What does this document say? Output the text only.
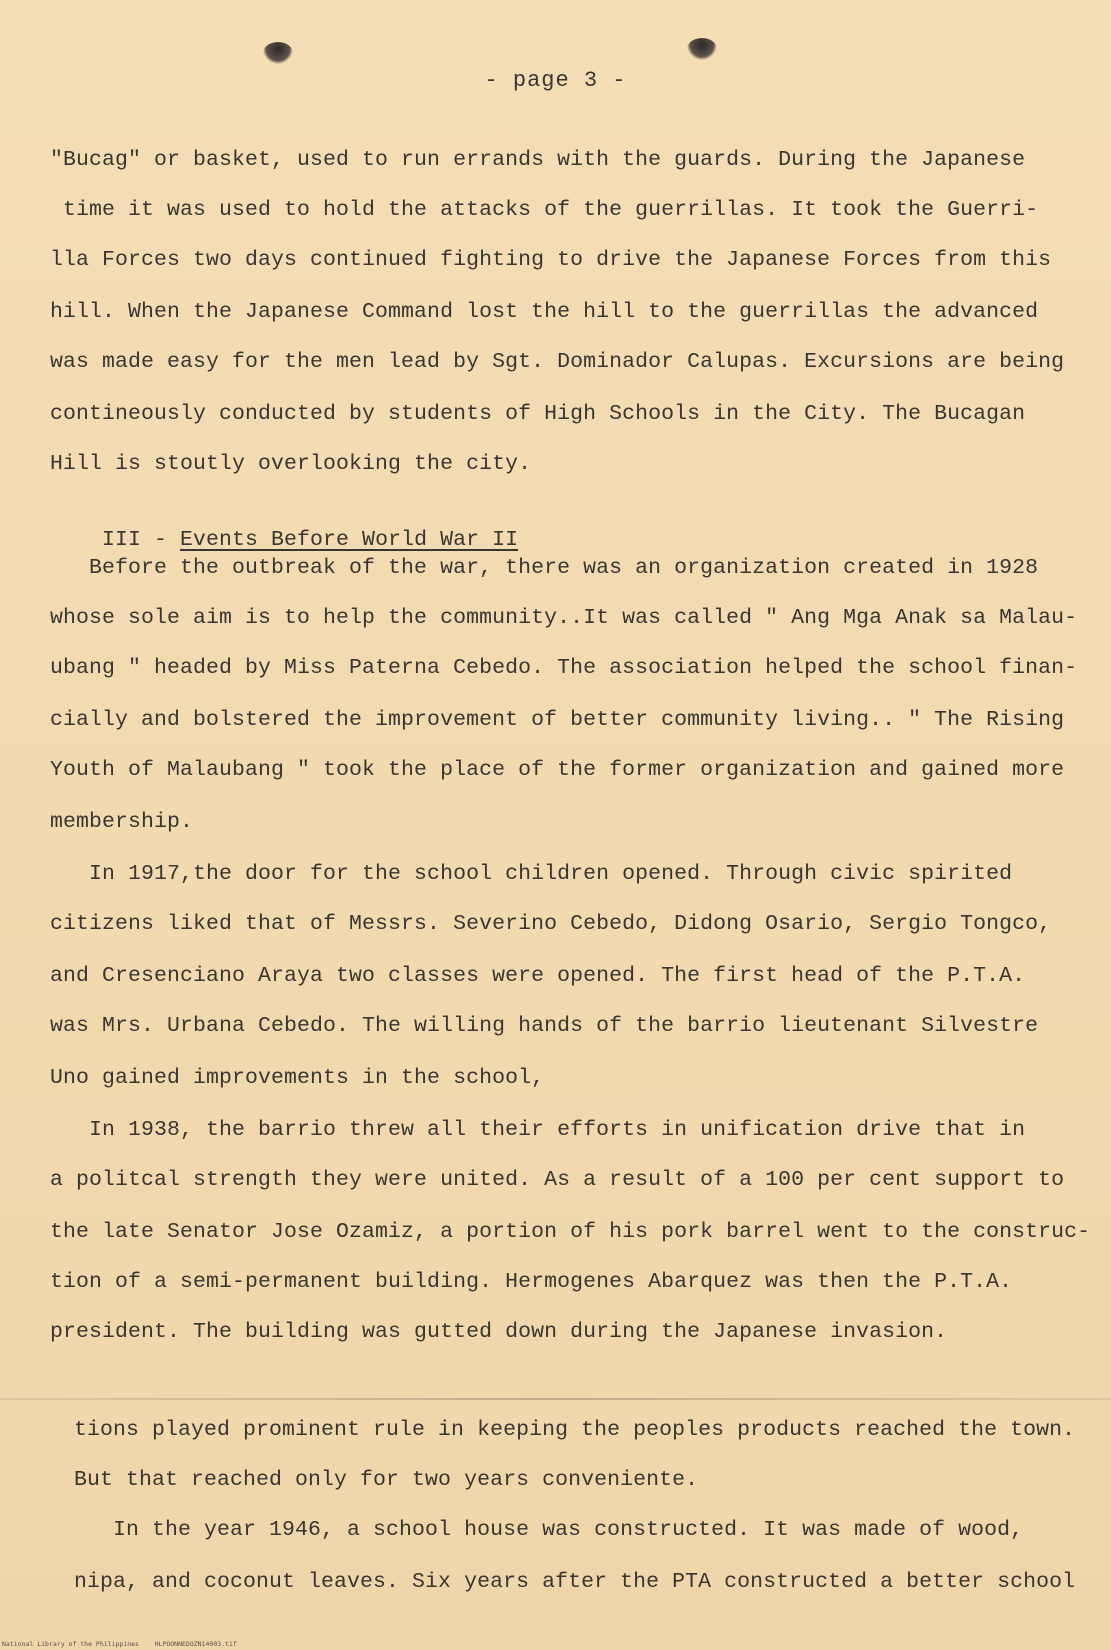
- page 3 -
"Bucag" or basket, used to run errands with the guards. During the Japanese
time it was used to hold the attacks of the guerrillas. It took the Guerri-
lla Forces two days continued fighting to drive the Japanese Forces from this
hill. When the Japanese Command lost the hill to the guerrillas the advanced
was made easy for the men lead by Sgt. Dominador Calupas. Excursions are being
contineously conducted by students of High Schools in the City. The Bucagan
Hill is stoutly overlooking the city.

III - Events Before World War II

Before the outbreak of the war, there was an organization created in 1928
whose sole aim is to help the community..It was called " Ang Mga Anak sa Malau-
ubang " headed by Miss Paterna Cebedo. The association helped the school finan-
cially and bolstered the improvement of better community living.. " The Rising
Youth of Malaubang " took the place of the former organization and gained more
membership.
In 1917,the door for the school children opened. Through civic spirited
citizens liked that of Messrs. Severino Cebedo, Didong Osario, Sergio Tongco,
and Cresenciano Araya two classes were opened. The first head of the P.T.A.
was Mrs. Urbana Cebedo. The willing hands of the barrio lieutenant Silvestre
Uno gained improvements in the school,
In 1938, the barrio threw all their efforts in unification drive that in
a politcal strength they were united. As a result of a 100 per cent support to
the late Senator Jose Ozamiz, a portion of his pork barrel went to the construc-
tion of a semi-permanent building. Hermogenes Abarquez was then the P.T.A.
president. The building was gutted down during the Japanese invasion.
tions played prominent rule in keeping the peoples products reached the town.
But that reached only for two years conveniente.
In the year 1946, a school house was constructed. It was made of wood,
nipa, and coconut leaves. Six years after the PTA constructed a better school
National Library of the Philippines    HLPOONNEDOZN14003.tif
